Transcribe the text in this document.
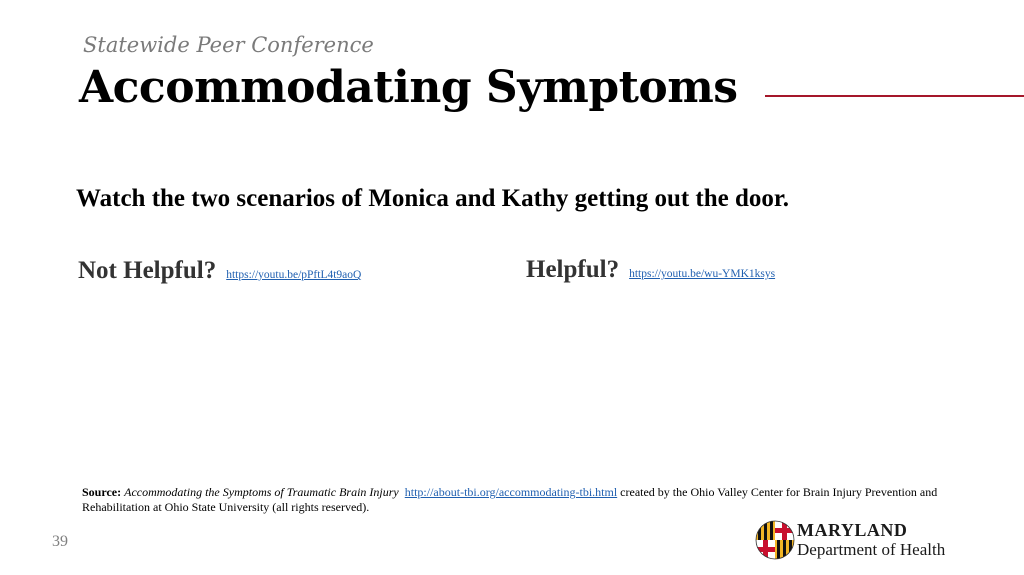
Statewide Peer Conference
Accommodating Symptoms
Watch the two scenarios of Monica and Kathy getting out the door.
Not Helpful? https://youtu.be/pPftL4t9aoQ	Helpful? https://youtu.be/wu-YMK1ksys
Source: Accommodating the Symptoms of Traumatic Brain Injury http://about-tbi.org/accommodating-tbi.html created by the Ohio Valley Center for Brain Injury Prevention and Rehabilitation at Ohio State University (all rights reserved).
39
MARYLAND
Department of Health
